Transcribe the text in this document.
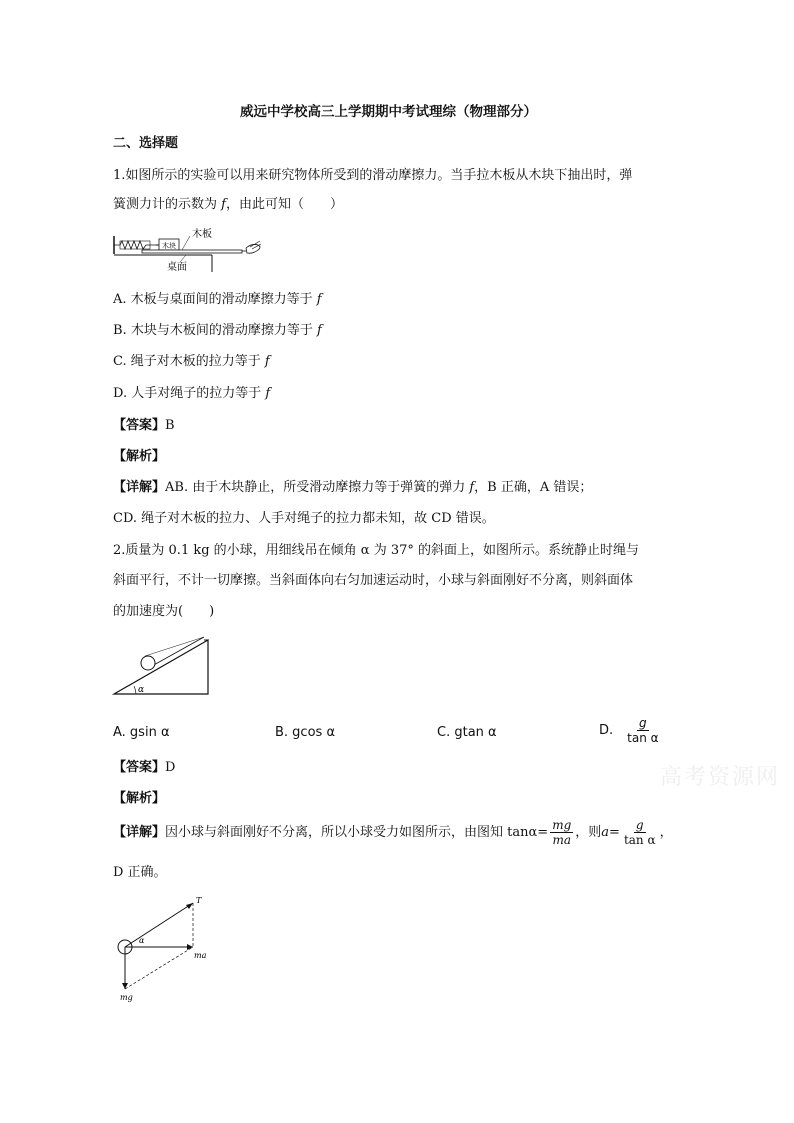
威远中学校高三上学期期中考试理综（物理部分）
二、选择题
1.如图所示的实验可以用来研究物体所受到的滑动摩擦力。当手拉木板从木块下抽出时，弹
簧测力计的示数为 f，由此可知（　　）
木块
木板
桌面
A. 木板与桌面间的滑动摩擦力等于 f
B. 木块与木板间的滑动摩擦力等于 f
C. 绳子对木板的拉力等于 f
D. 人手对绳子的拉力等于 f
【答案】B
【解析】
【详解】AB. 由于木块静止，所受滑动摩擦力等于弹簧的弹力 f，B 正确，A 错误；
CD. 绳子对木板的拉力、人手对绳子的拉力都未知，故 CD 错误。
2.质量为 0.1 kg 的小球，用细线吊在倾角 α 为 37° 的斜面上，如图所示。系统静止时绳与
斜面平行，不计一切摩擦。当斜面体向右匀加速运动时，小球与斜面刚好不分离，则斜面体
的加速度为(　　)
α
A. gsin α	B. gcos α	C. gtan α	D. $\frac{g}{\text{tan α}}$
【答案】D
【解析】
【详解】 因小球与斜面刚好不分离，所以小球受力如图所示，由图知 $\tan \alpha = \frac{mg}{ma}$ ，则 $a = \frac{g}{\text{tan α}}$ ，
D 正确。
T
α
ma
mg
高考资源网
